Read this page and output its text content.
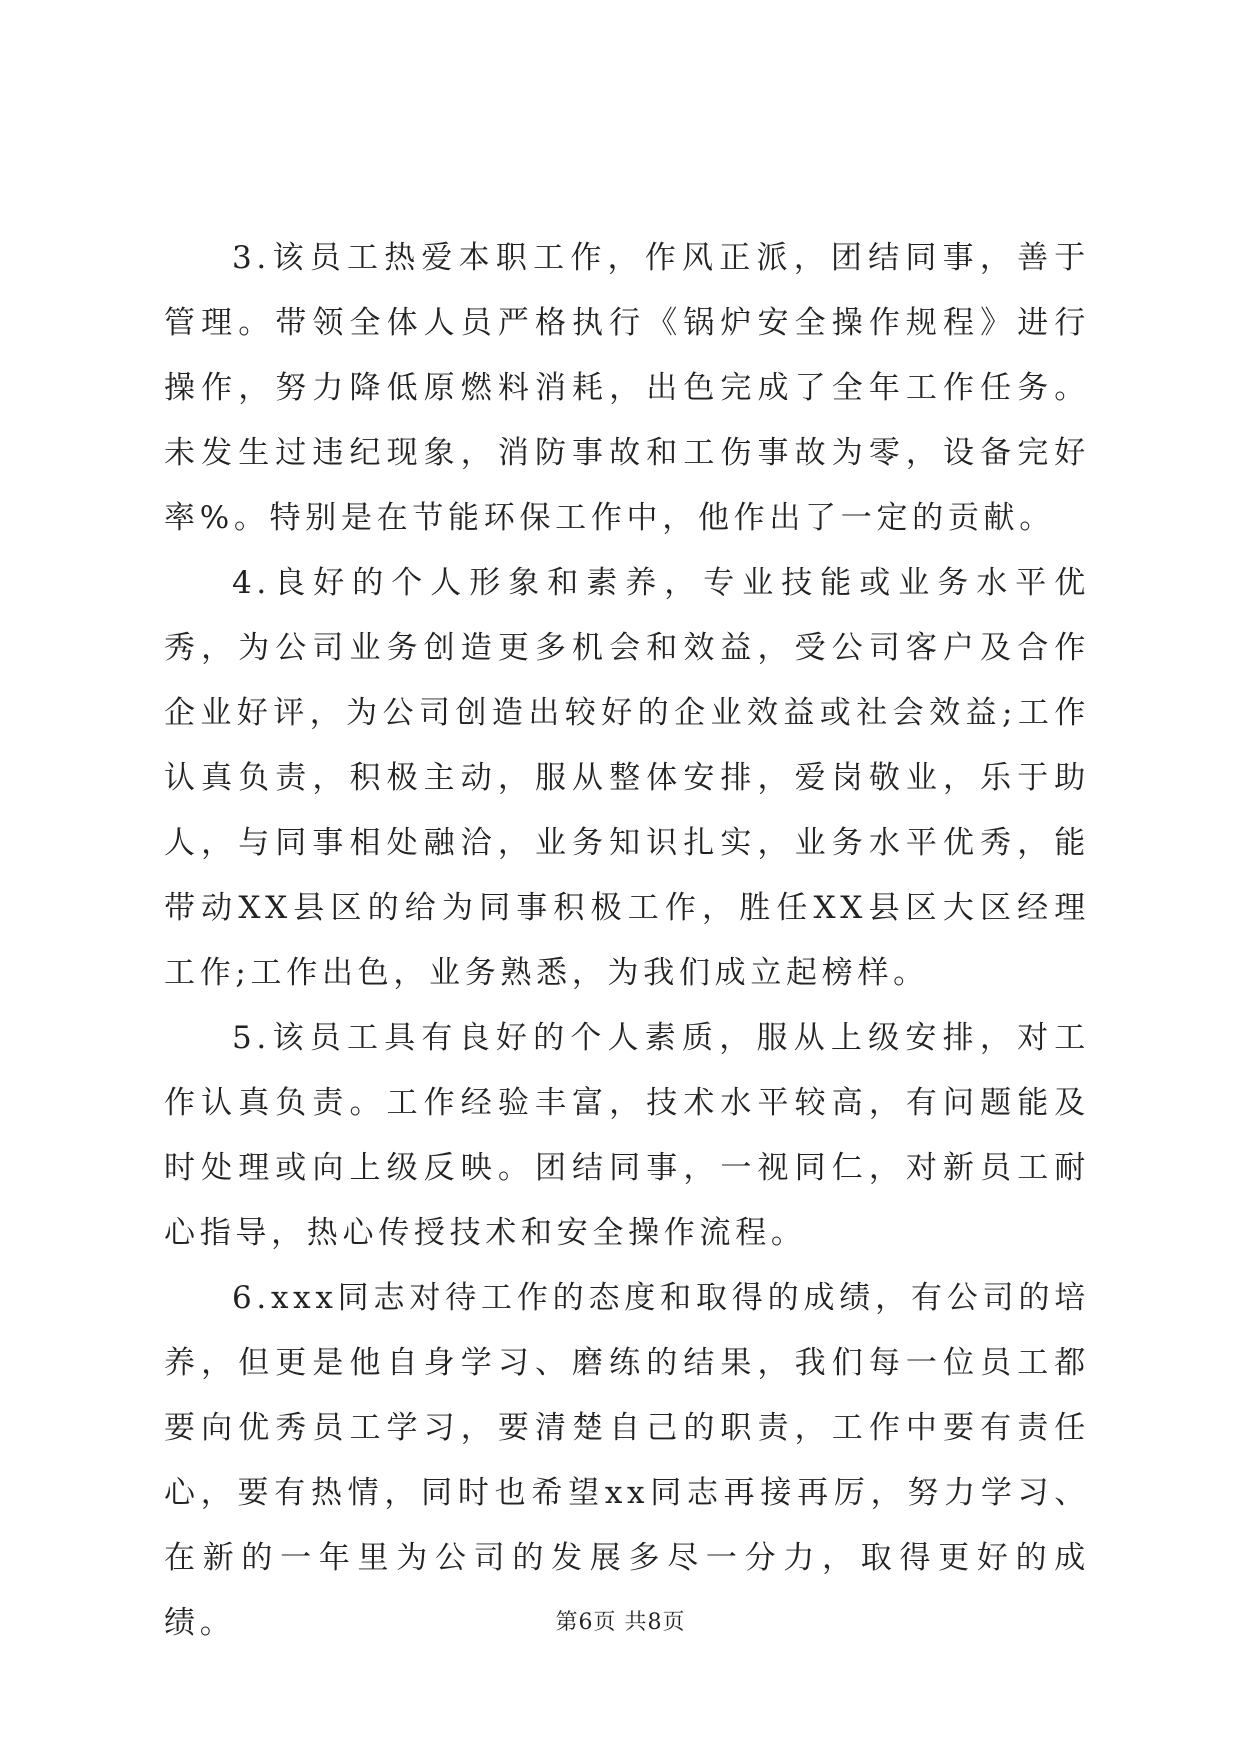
3.该员工热爱本职工作，作风正派，团结同事，善于管理。带领全体人员严格执行《锅炉安全操作规程》进行操作，努力降低原燃料消耗，出色完成了全年工作任务。未发生过违纪现象，消防事故和工伤事故为零，设备完好率%。特别是在节能环保工作中，他作出了一定的贡献。

4.良好的个人形象和素养，专业技能或业务水平优秀，为公司业务创造更多机会和效益，受公司客户及合作企业好评，为公司创造出较好的企业效益或社会效益;工作认真负责，积极主动，服从整体安排，爱岗敬业，乐于助人，与同事相处融洽，业务知识扎实，业务水平优秀，能带动XX县区的给为同事积极工作，胜任XX县区大区经理工作;工作出色，业务熟悉，为我们成立起榜样。

5.该员工具有良好的个人素质，服从上级安排，对工作认真负责。工作经验丰富，技术水平较高，有问题能及时处理或向上级反映。团结同事，一视同仁，对新员工耐心指导，热心传授技术和安全操作流程。

6.xxx同志对待工作的态度和取得的成绩，有公司的培养，但更是他自身学习、磨练的结果，我们每一位员工都要向优秀员工学习，要清楚自己的职责，工作中要有责任心，要有热情，同时也希望xx同志再接再厉，努力学习、在新的一年里为公司的发展多尽一分力，取得更好的成绩。	第6页 共8页
